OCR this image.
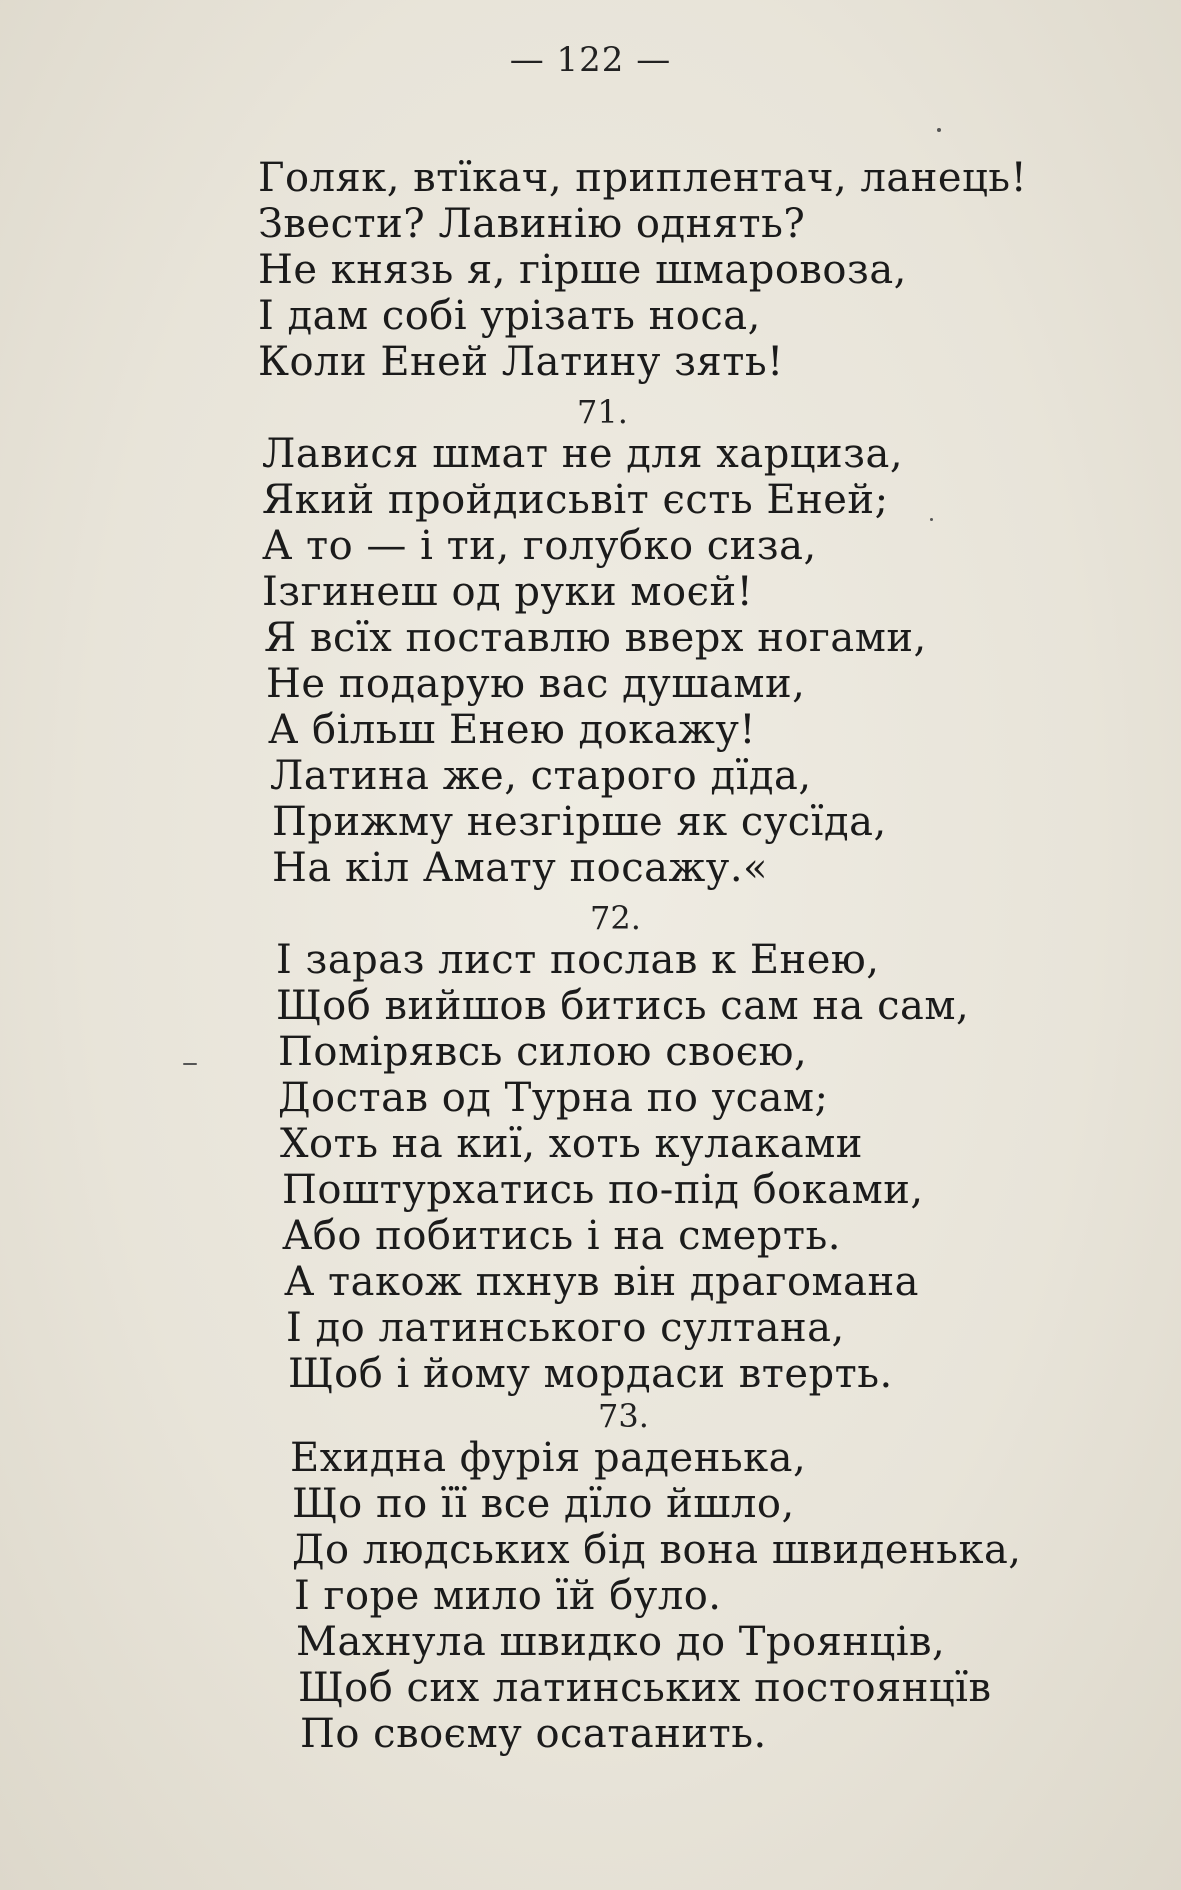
— 122 —
Голяк, втїкач, приплентач, ланець!
Звести? Лавинію однять?
Не князь я, гірше шмаровоза,
І дам собі урізать носа,
Коли Еней Латину зять!
71.
Лавися шмат не для харциза,
Який пройдисьвіт єсть Еней;
А то — і ти, голубко сиза,
Ізгинеш од руки моєй!
Я всїх поставлю вверх ногами,
Не подарую вас душами,
А більш Енею докажу!
Латина же, старого дїда,
Прижму незгірше як сусїда,
На кіл Амату посажу.«
72.
І зараз лист послав к Енею,
Щоб вийшов битись сам на сам,
Помірявсь силою своєю,
Достав од Турна по усам;
Хоть на киї, хоть кулаками
Поштурхатись по-під боками,
Або побитись і на смерть.
А також пхнув він драгомана
І до латинського султана,
Щоб і йому мордаси втерть.
73.
Ехидна фурія раденька,
Що по її все дїло йшло,
До людських бід вона швиденька,
І горе мило їй було.
Махнула швидко до Троянців,
Щоб сих латинських постоянцїв
По своєму осатанить.
